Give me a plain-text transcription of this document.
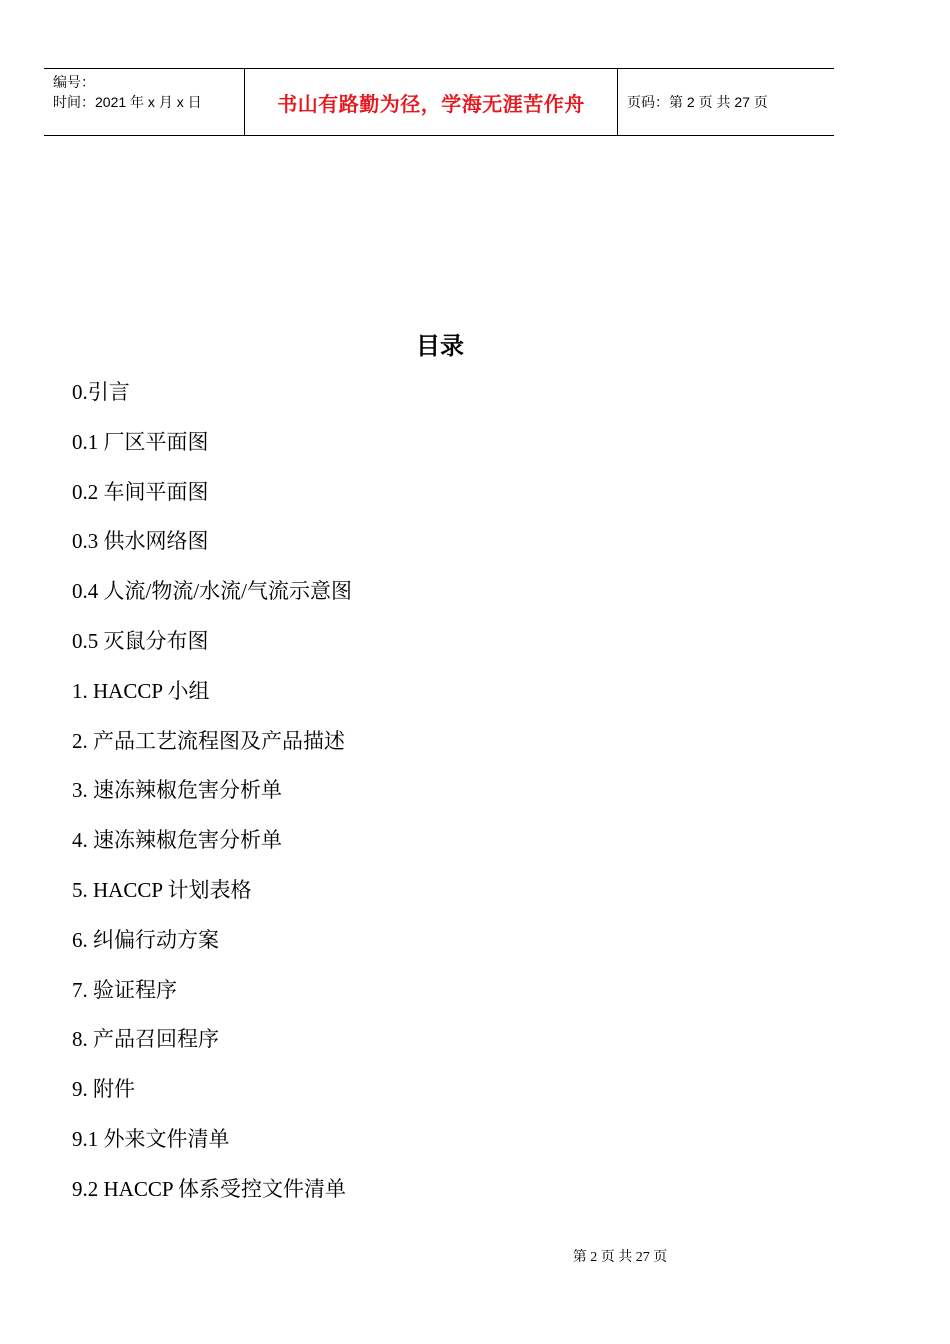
编号：
时间：2021 年 x 月 x 日	书山有路勤为径，学海无涯苦作舟	页码：第 2 页 共 27 页
目录
0.引言
0.1 厂区平面图
0.2 车间平面图
0.3 供水网络图
0.4 人流/物流/水流/气流示意图
0.5 灭鼠分布图
1. HACCP 小组
2. 产品工艺流程图及产品描述
3. 速冻辣椒危害分析单
4. 速冻辣椒危害分析单
5. HACCP 计划表格
6. 纠偏行动方案
7. 验证程序
8. 产品召回程序
9. 附件
9.1 外来文件清单
9.2 HACCP 体系受控文件清单
第 2 页 共 27 页
